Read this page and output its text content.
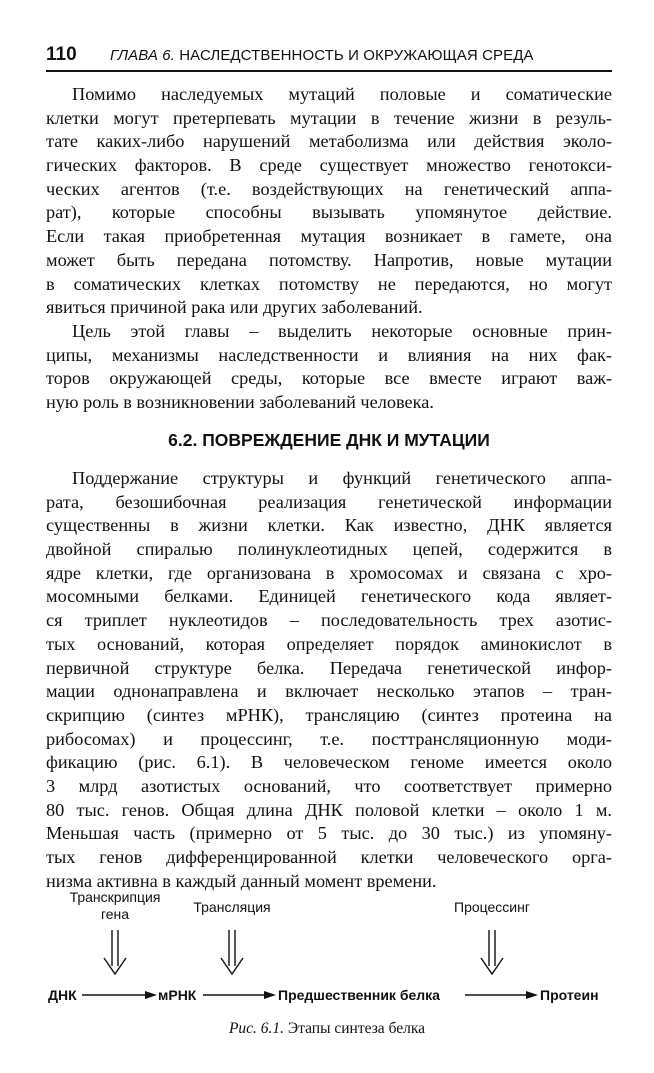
110 ГЛАВА 6. НАСЛЕДСТВЕННОСТЬ И ОКРУЖАЮЩАЯ СРЕДА
Помимо наследуемых мутаций половые и соматические
клетки могут претерпевать мутации в течение жизни в резуль-
тате каких-либо нарушений метаболизма или действия эколо-
гических факторов. В среде существует множество генотокси-
ческих агентов (т.е. воздействующих на генетический аппа-
рат), которые способны вызывать упомянутое действие.
Если такая приобретенная мутация возникает в гамете, она
может быть передана потомству. Напротив, новые мутации
в соматических клетках потомству не передаются, но могут
явиться причиной рака или других заболеваний.
Цель этой главы – выделить некоторые основные прин-
ципы, механизмы наследственности и влияния на них фак-
торов окружающей среды, которые все вместе играют важ-
ную роль в возникновении заболеваний человека.
6.2. ПОВРЕЖДЕНИЕ ДНК И МУТАЦИИ
Поддержание структуры и функций генетического аппа-
рата, безошибочная реализация генетической информации
существенны в жизни клетки. Как известно, ДНК является
двойной спиралью полинуклеотидных цепей, содержится в
ядре клетки, где организована в хромосомах и связана с хро-
мосомными белками. Единицей генетического кода являет-
ся триплет нуклеотидов – последовательность трех азотис-
тых оснований, которая определяет порядок аминокислот в
первичной структуре белка. Передача генетической инфор-
мации однонаправлена и включает несколько этапов – тран-
скрипцию (синтез мРНК), трансляцию (синтез протеина на
рибосомах) и процессинг, т.е. посттрансляционную моди-
фикацию (рис. 6.1). В человеческом геноме имеется около
3 млрд азотистых оснований, что соответствует примерно
80 тыс. генов. Общая длина ДНК половой клетки – около 1 м.
Меньшая часть (примерно от 5 тыс. до 30 тыс.) из упомяну-
тых генов дифференцированной клетки человеческого орга-
низма активна в каждый данный момент времени.
Транскрипция
гена	Трансляция	Процессинг
ДНК	мРНК	Предшественник белка	Протеин
Рис. 6.1. Этапы синтеза белка
